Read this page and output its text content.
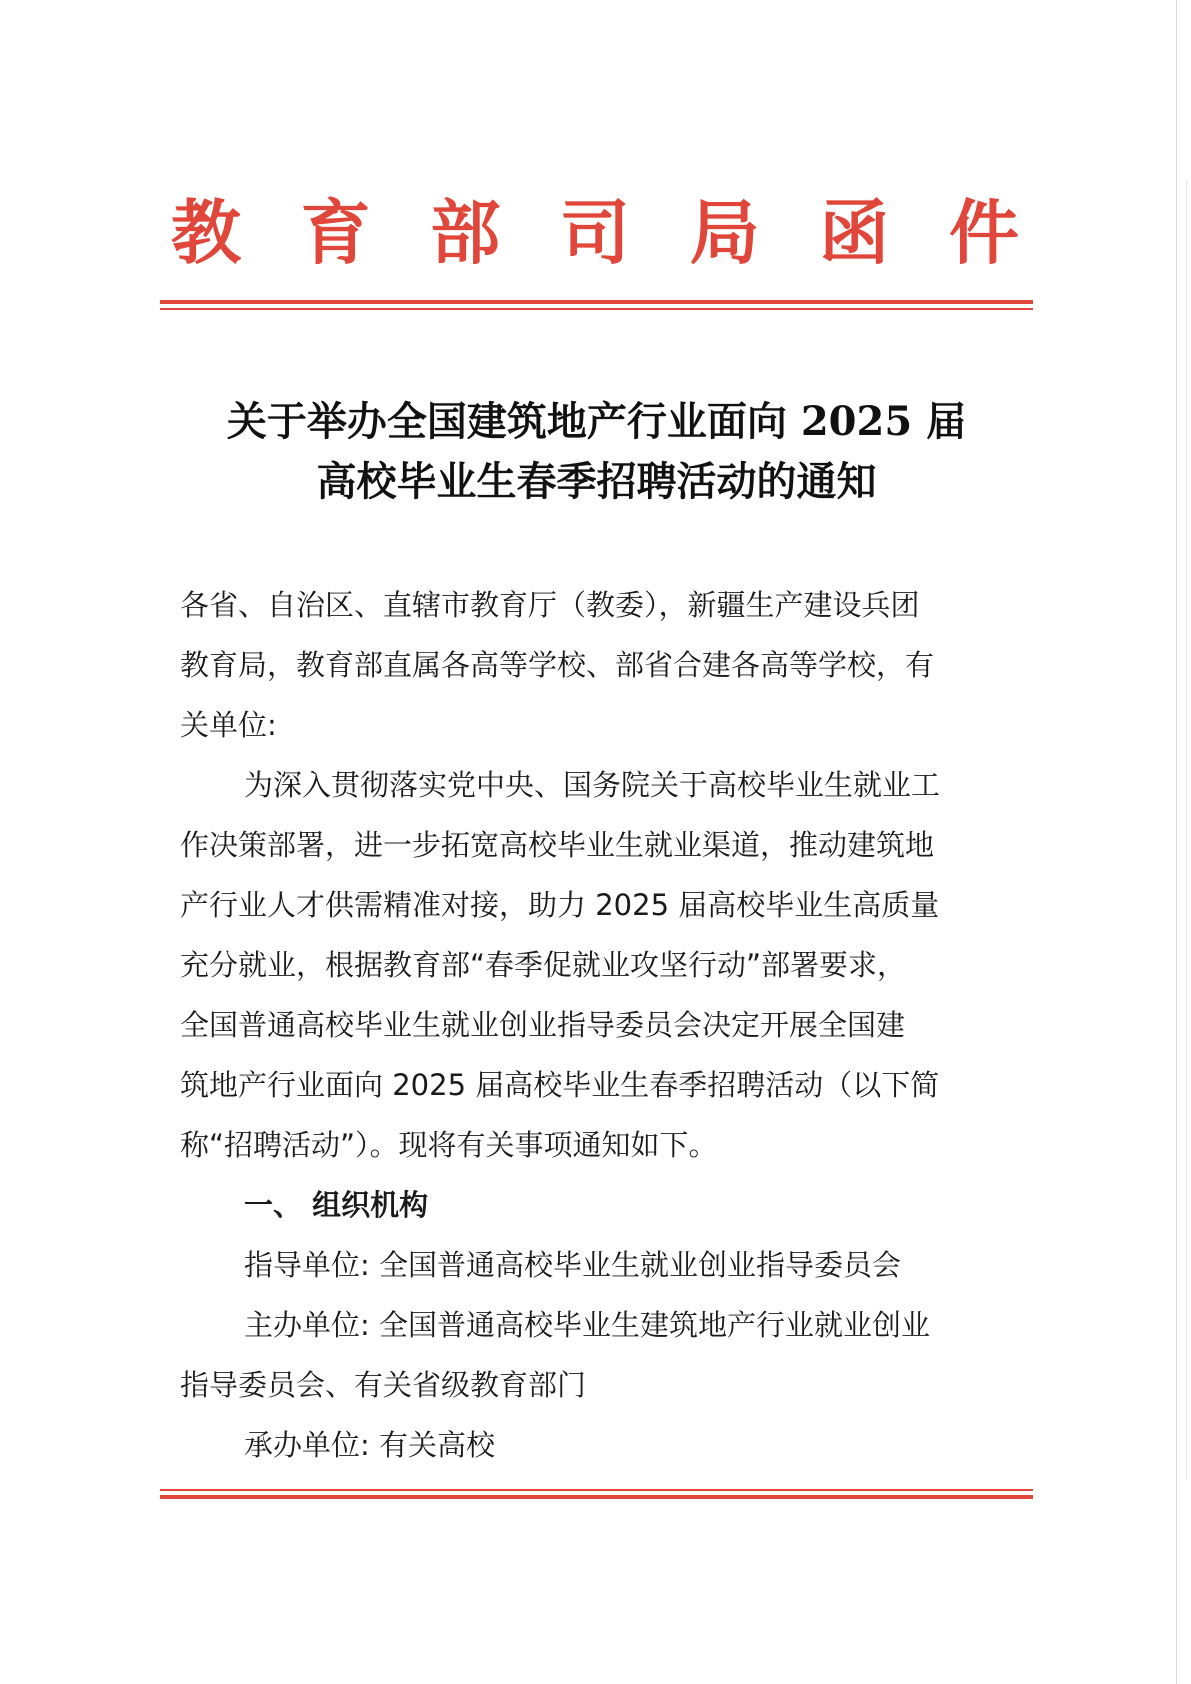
教 育 部 司 局 函 件
关于举办全国建筑地产行业面向 2025 届
高校毕业生春季招聘活动的通知
各省、自治区、直辖市教育厅（教委），新疆生产建设兵团
教育局，教育部直属各高等学校、部省合建各高等学校，有
关单位:
为深入贯彻落实党中央、国务院关于高校毕业生就业工
作决策部署，进一步拓宽高校毕业生就业渠道，推动建筑地
产行业人才供需精准对接，助力 2025 届高校毕业生高质量
充分就业，根据教育部“春季促就业攻坚行动”部署要求，
全国普通高校毕业生就业创业指导委员会决定开展全国建
筑地产行业面向 2025 届高校毕业生春季招聘活动（以下简
称“招聘活动”）。现将有关事项通知如下。
一、 组织机构
指导单位: 全国普通高校毕业生就业创业指导委员会
主办单位: 全国普通高校毕业生建筑地产行业就业创业
指导委员会、有关省级教育部门
承办单位: 有关高校
